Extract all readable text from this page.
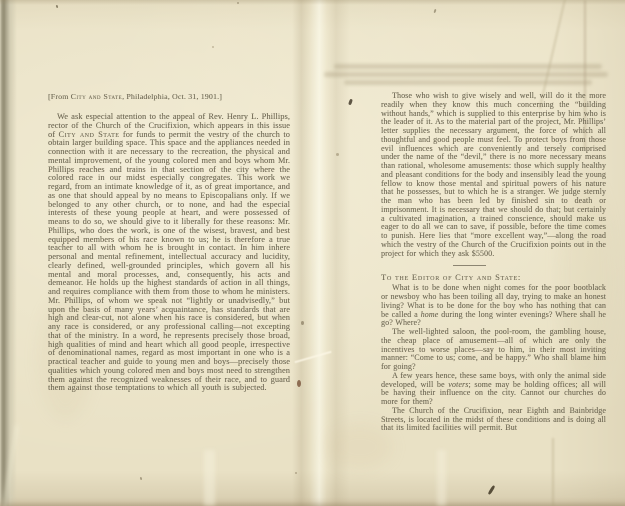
[From City and State, Philadelphia, Oct. 31, 1901.]

We ask especial attention to the appeal of Rev. Henry L. Phillips, rector of the Church of the Crucifixion, which appears in this issue of City and State for funds to permit the vestry of the church to obtain larger building space. This space and the appliances needed in connection with it are necessary to the recreation, the physical and mental improvement, of the young colored men and boys whom Mr. Phillips reaches and trains in that section of the city where the colored race in our midst especially congregates. This work we regard, from an intimate knowledge of it, as of great importance, and as one that should appeal by no means to Episcopalians only. If we belonged to any other church, or to none, and had the especial interests of these young people at heart, and were possessed of means to do so, we should give to it liberally for these reasons: Mr. Phillips, who does the work, is one of the wisest, bravest, and best equipped members of his race known to us; he is therefore a true teacher to all with whom he is brought in contact. In him inhere personal and mental refinement, intellectual accuracy and lucidity, clearly defined, well-grounded principles, which govern all his mental and moral processes, and, consequently, his acts and demeanor. He holds up the highest standards of action in all things, and requires compliance with them from those to whom he ministers. Mr. Phillips, of whom we speak not “lightly or unadvisedly,” but upon the basis of many years’ acquaintance, has standards that are high and clear-cut, not alone when his race is considered, but when any race is considered, or any professional calling—not excepting that of the ministry. In a word, he represents precisely those broad, high qualities of mind and heart which all good people, irrespective of denominational names, regard as most important in one who is a practical teacher and guide to young men and boys—precisely those qualities which young colored men and boys most need to strengthen them against the recognized weaknesses of their race, and to guard them against those temptations to which all youth is subjected.

Those who wish to give wisely and well, will do it the more readily when they know this much concerning the “building without hands,” which is supplied to this enterprise by him who is the leader of it. As to the material part of the project, Mr. Phillips’ letter supplies the necessary argument, the force of which all thoughtful and good people must feel. To protect boys from those evil influences which are conveniently and tersely comprised under the name of the “devil,” there is no more necessary means than rational, wholesome amusements: those which supply healthy and pleasant conditions for the body and insensibly lead the young fellow to know those mental and spiritual powers of his nature that he possesses, but to which he is a stranger. We judge sternly the man who has been led by finished sin to death or imprisonment. It is necessary that we should do that; but certainly a cultivated imagination, a trained conscience, should make us eager to do all we can to save, if possible, before the time comes to punish. Here lies that “more excellent way,”—along the road which the vestry of the Church of the Crucifixion points out in the project for which they ask $5500.

To the Editor of City and State:

What is to be done when night comes for the poor bootblack or newsboy who has been toiling all day, trying to make an honest living? What is to be done for the boy who has nothing that can be called a home during the long winter evenings? Where shall he go? Where?

The well-lighted saloon, the pool-room, the gambling house, the cheap place of amusement—all of which are only the incentives to worse places—say to him, in their most inviting manner: “Come to us; come, and be happy.” Who shall blame him for going?

A few years hence, these same boys, with only the animal side developed, will be voters; some may be holding offices; all will be having their influence on the city. Cannot our churches do more for them?

The Church of the Crucifixion, near Eighth and Bainbridge Streets, is located in the midst of these conditions and is doing all that its limited facilities will permit. But
